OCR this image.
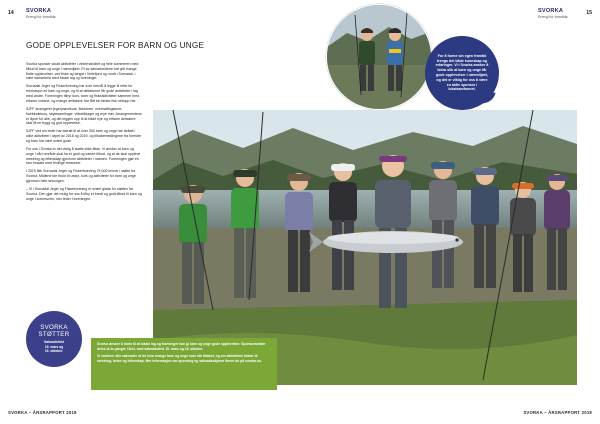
14 SVORKA
Energi for framtida
SVORKA
Energi for framtida
15
GODE OPPLEVELSER FOR BARN OG UNGE

Svorka sponser lokalt aktiviteter i vinterhalvåret og hele sommeren med tilbud til barn og unge i nærmiljøet. Et av samarbeidene har gitt mange flotte opplevelser, ved fiske og fangst i Vetlefjord og rundt i Surnadal, i nært samarbeid med lokale lag og foreninger.

Surnadal Jeger og Fiskerforening har som formål å legge til rette for rekreasjon av barn og unge, og til at deltakerne får gode aktiviteter i lag med andre. Foreningen tilbyr kurs, turer og fiskeaktiviteter sammen med erfarne voksne, og mange deltakere har fått sin første fisk nettopp her.

SJFF arrangerer jegerprøvekurs, fisketurer, overnattingsturer, fluebindekurs, skytesamlinger, viltstelldager og mye mer. Arrangementene er åpne for alle, og det legges opp til at både nye og erfarne deltakere skal få en trygg og god opplevelse.

SJFF ved sin leder har bidratt til at over 300 barn og unge har deltatt i ulike aktiviteter i løpet av 2018 og 2019, og tilbakemeldingene fra foreldre og barn har vært svært gode.

For oss i Svorka er det viktig å støtte slike tiltak. Vi ønsker at barn og unge i vårt område skal ha et godt og variert tilbud, og at de skal oppleve mestring og fellesskap gjennom aktiviteter i naturen. Foreningen gjør en stor innsats med frivillige ressurser.

I 2019 fikk Surnadal Jeger og Fiskerforening 75 000 kroner i støtte fra Svorka. Midlene ble brukt til utstyr, kurs og aktiviteter for barn og unge gjennom hele sesongen.

– Vi i Surnadal Jeger og Fiskerforening er svært glade for støtten fra Svorka. Den gjør det mulig for oss å tilby et bredt og godt tilbud til barn og unge i kommunen, sier leder i foreningen.

For å forme sin egen framtid trengs det både kunnskap og erfaringer. Vi i Svorka ønsker å bidra slik at barn og unge får gode opplevelser i nærmiljøet, og det er viktig for oss å være en aktiv sponsor i lokalsamfunnet.
SVORKA
STØTTER
Søknadsfrist
15. mars og
15. oktober.

Svorka ønsker å bidra til at lokale lag og foreninger kan gi barn og unge gode opplevelser. Sponsoravtaler deles ut to ganger i året, med søknadsfrist 15. mars og 15. oktober.

Vi vurderer alle søknader ut fra hvor mange barn og unge som når tiltaket, og om aktiviteten bidrar til mestring, helse og fellesskap. Mer informasjon om sponsing og søknadsskjema finner du på svorka.no.

SVORKA – ÅRSRAPPORT 2019	SVORKA – ÅRSRAPPORT 2019
